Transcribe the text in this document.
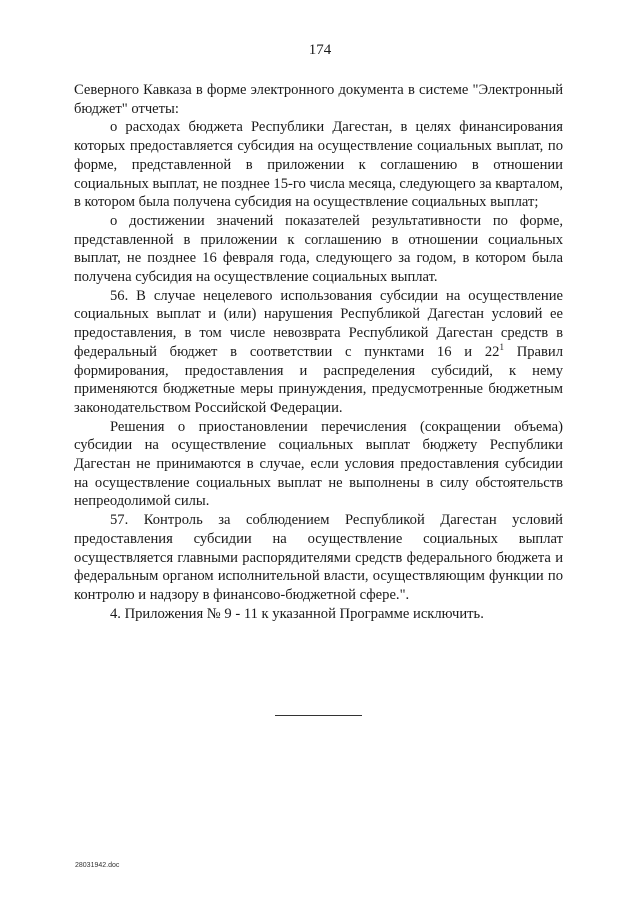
174

Северного Кавказа в форме электронного документа в системе "Электронный бюджет" отчеты:

о расходах бюджета Республики Дагестан, в целях финансирования которых предоставляется субсидия на осуществление социальных выплат, по форме, представленной в приложении к соглашению в отношении социальных выплат, не позднее 15-го числа месяца, следующего за кварталом, в котором была получена субсидия на осуществление социальных выплат;

о достижении значений показателей результативности по форме, представленной в приложении к соглашению в отношении социальных выплат, не позднее 16 февраля года, следующего за годом, в котором была получена субсидия на осуществление социальных выплат.

56. В случае нецелевого использования субсидии на осуществление социальных выплат и (или) нарушения Республикой Дагестан условий ее предоставления, в том числе невозврата Республикой Дагестан средств в федеральный бюджет в соответствии с пунктами 16 и $22^1$ Правил формирования, предоставления и распределения субсидий, к нему применяются бюджетные меры принуждения, предусмотренные бюджетным законодательством Российской Федерации.

Решения о приостановлении перечисления (сокращении объема) субсидии на осуществление социальных выплат бюджету Республики Дагестан не принимаются в случае, если условия предоставления субсидии на осуществление социальных выплат не выполнены в силу обстоятельств непреодолимой силы.

57. Контроль за соблюдением Республикой Дагестан условий предоставления субсидии на осуществление социальных выплат осуществляется главными распорядителями средств федерального бюджета и федеральным органом исполнительной власти, осуществляющим функции по контролю и надзору в финансово-бюджетной сфере.".

4. Приложения № 9 - 11 к указанной Программе исключить.

28031942.doc
